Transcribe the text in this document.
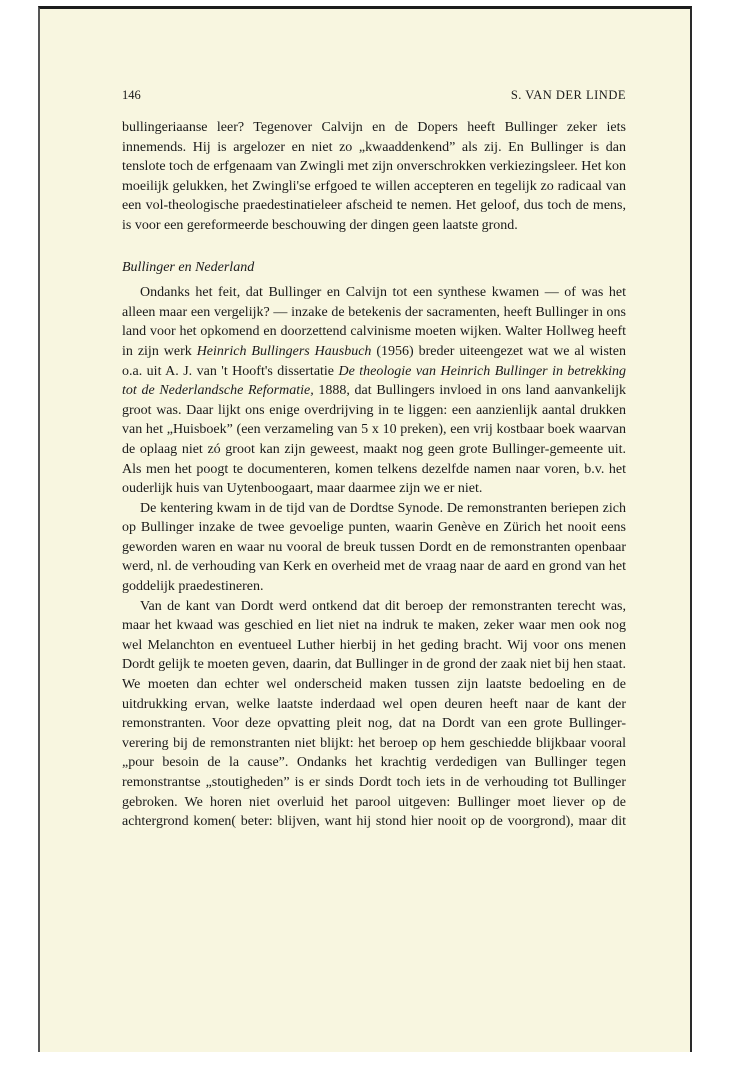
146	S. VAN DER LINDE

bullingeriaanse leer? Tegenover Calvijn en de Dopers heeft Bullinger zeker iets innemends. Hij is argelozer en niet zo „kwaaddenkend” als zij. En Bullinger is dan tenslote toch de erfgenaam van Zwingli met zijn onverschrokken verkiezingsleer. Het kon moeilijk gelukken, het Zwingli'se erfgoed te willen accepteren en tegelijk zo radicaal van een vol-theologische praedestinatieleer afscheid te nemen. Het geloof, dus toch de mens, is voor een gereformeerde beschouwing der dingen geen laatste grond.

Bullinger en Nederland

Ondanks het feit, dat Bullinger en Calvijn tot een synthese kwamen — of was het alleen maar een vergelijk? — inzake de betekenis der sacramenten, heeft Bullinger in ons land voor het opkomend en doorzettend calvinisme moeten wijken. Walter Hollweg heeft in zijn werk Heinrich Bullingers Hausbuch (1956) breder uiteengezet wat we al wisten o.a. uit A. J. van 't Hooft's dissertatie De theologie van Heinrich Bullinger in betrekking tot de Nederlandsche Reformatie, 1888, dat Bullingers invloed in ons land aanvankelijk groot was. Daar lijkt ons enige overdrijving in te liggen: een aanzienlijk aantal drukken van het „Huisboek” (een verzameling van 5 x 10 preken), een vrij kostbaar boek waarvan de oplaag niet zó groot kan zijn geweest, maakt nog geen grote Bullinger-gemeente uit. Als men het poogt te documenteren, komen telkens dezelfde namen naar voren, b.v. het ouderlijk huis van Uytenboogaart, maar daarmee zijn we er niet.

De kentering kwam in de tijd van de Dordtse Synode. De remonstranten beriepen zich op Bullinger inzake de twee gevoelige punten, waarin Genève en Zürich het nooit eens geworden waren en waar nu vooral de breuk tussen Dordt en de remonstranten openbaar werd, nl. de verhouding van Kerk en overheid met de vraag naar de aard en grond van het goddelijk praedestineren.

Van de kant van Dordt werd ontkend dat dit beroep der remonstranten terecht was, maar het kwaad was geschied en liet niet na indruk te maken, zeker waar men ook nog wel Melanchton en eventueel Luther hierbij in het geding bracht. Wij voor ons menen Dordt gelijk te moeten geven, daarin, dat Bullinger in de grond der zaak niet bij hen staat. We moeten dan echter wel onderscheid maken tussen zijn laatste bedoeling en de uitdrukking ervan, welke laatste inderdaad wel open deuren heeft naar de kant der remonstranten. Voor deze opvatting pleit nog, dat na Dordt van een grote Bullinger-verering bij de remonstranten niet blijkt: het beroep op hem geschiedde blijkbaar vooral „pour besoin de la cause”. Ondanks het krachtig verdedigen van Bullinger tegen remonstrantse „stoutigheden” is er sinds Dordt toch iets in de verhouding tot Bullinger gebroken. We horen niet overluid het parool uitgeven: Bullinger moet liever op de achtergrond komen( beter: blijven, want hij stond hier nooit op de voorgrond), maar dit
